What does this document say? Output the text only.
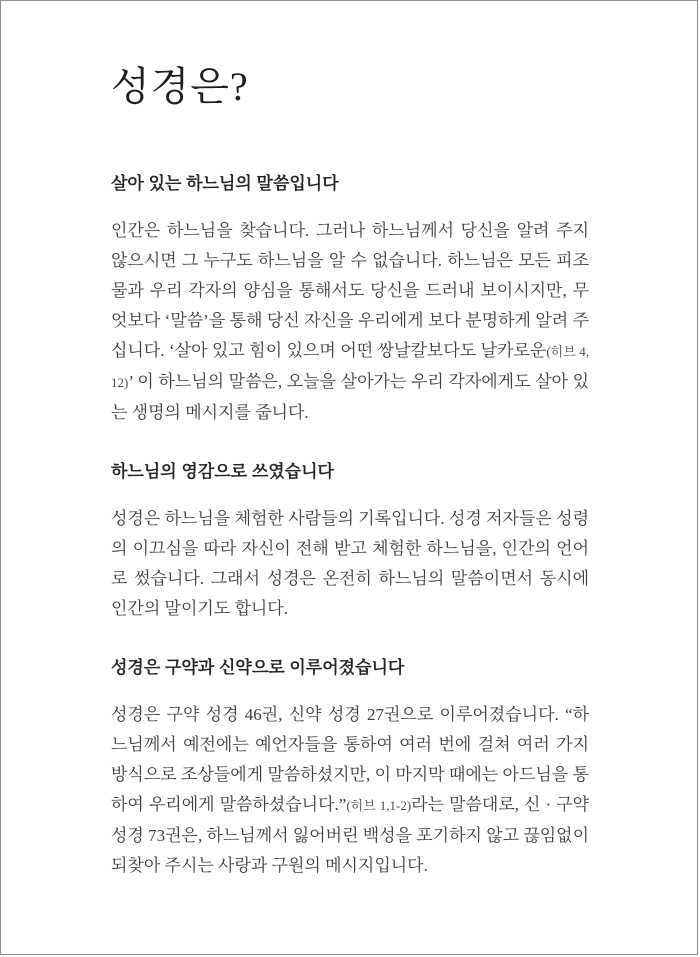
성경은?
살아 있는 하느님의 말씀입니다

인간은 하느님을 찾습니다. 그러나 하느님께서 당신을 알려 주지 않으시면 그 누구도 하느님을 알 수 없습니다. 하느님은 모든 피조물과 우리 각자의 양심을 통해서도 당신을 드러내 보이시지만, 무엇보다 ‘말씀’을 통해 당신 자신을 우리에게 보다 분명하게 알려 주십니다. ‘살아 있고 힘이 있으며 어떤 쌍날칼보다도 날카로운(히브 4,12)’ 이 하느님의 말씀은, 오늘을 살아가는 우리 각자에게도 살아 있는 생명의 메시지를 줍니다.

하느님의 영감으로 쓰였습니다

성경은 하느님을 체험한 사람들의 기록입니다. 성경 저자들은 성령의 이끄심을 따라 자신이 전해 받고 체험한 하느님을, 인간의 언어로 썼습니다. 그래서 성경은 온전히 하느님의 말씀이면서 동시에 인간의 말이기도 합니다.

성경은 구약과 신약으로 이루어졌습니다

성경은 구약 성경 46권, 신약 성경 27권으로 이루어졌습니다. “하느님께서 예전에는 예언자들을 통하여 여러 번에 걸쳐 여러 가지 방식으로 조상들에게 말씀하셨지만, 이 마지막 때에는 아드님을 통하여 우리에게 말씀하셨습니다.”(히브 1,1-2)라는 말씀대로, 신 · 구약 성경 73권은, 하느님께서 잃어버린 백성을 포기하지 않고 끊임없이 되찾아 주시는 사랑과 구원의 메시지입니다.
